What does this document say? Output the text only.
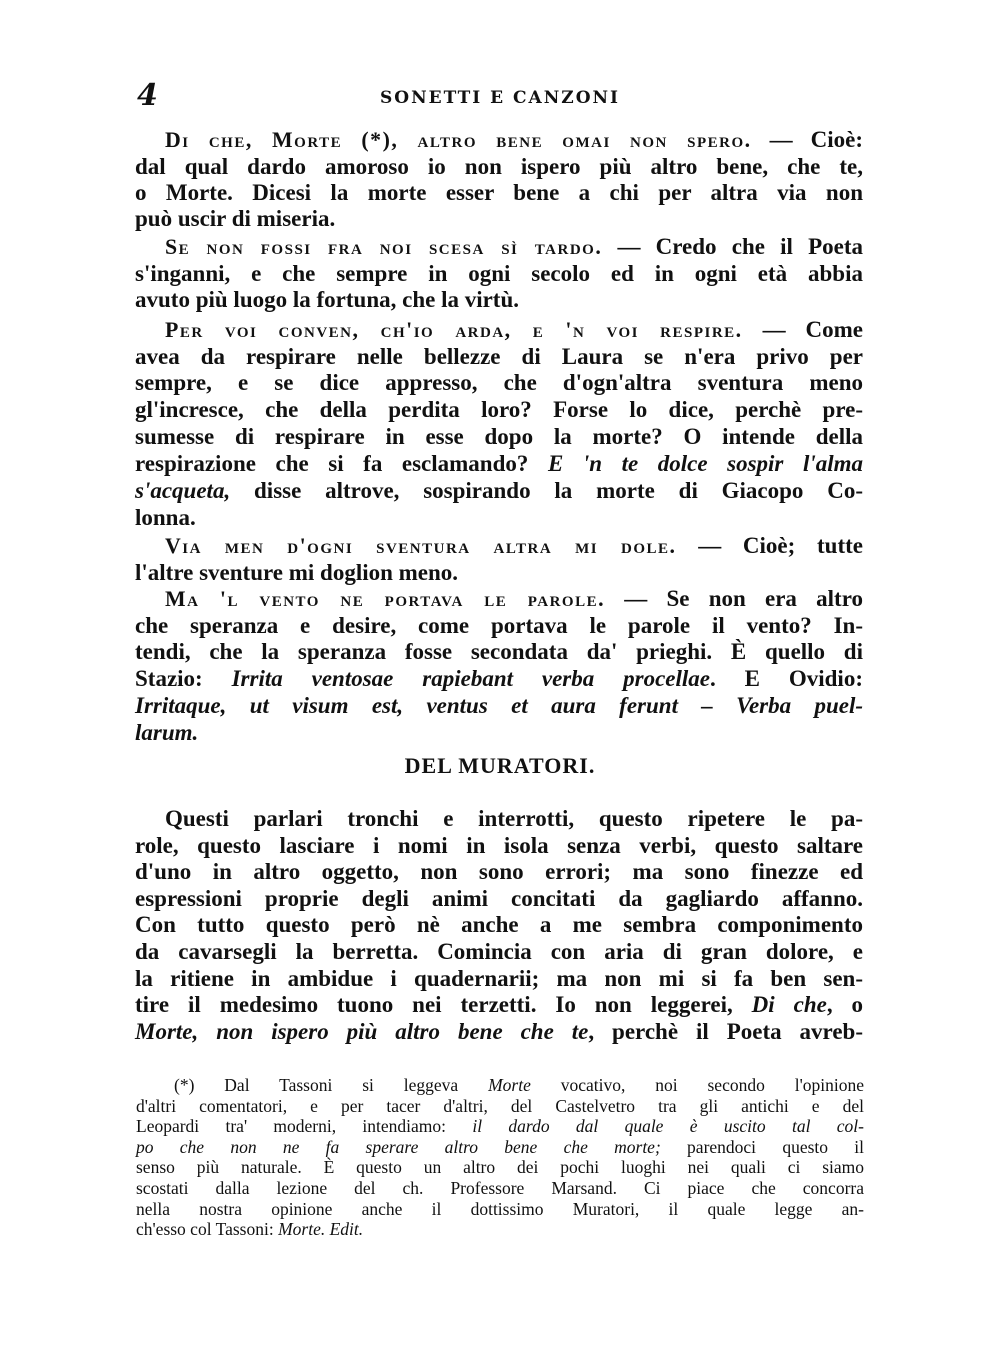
4	SONETTI E CANZONI
Di che, Morte (*), altro bene omai non spero. — Cioè:
dal qual dardo amoroso io non ispero più altro bene, che te,
o Morte. Dicesi la morte esser bene a chi per altra via non
può uscir di miseria.
Se non fossi fra noi scesa sì tardo. — Credo che il Poeta
s'inganni, e che sempre in ogni secolo ed in ogni età abbia
avuto più luogo la fortuna, che la virtù.
Per voi conven, ch'io arda, e 'n voi respire. — Come
avea da respirare nelle bellezze di Laura se n'era privo per
sempre, e se dice appresso, che d'ogn'altra sventura meno
gl'increscе, che della perdita loro? Forse lo dice, perchè pre-
sumesse di respirare in esse dopo la morte? O intende della
respirazione che si fa esclamando? E 'n te dolce sospir l'alma
s'acqueta, disse altrove, sospirando la morte di Giacopo Co-
lonna.
Via men d'ogni sventura altra mi dole. — Cioè; tutte
l'altre sventure mi doglion meno.
Ma 'l vento ne portava le parole. — Se non era altro
che speranza e desire, come portava le parole il vento? In-
tendi, che la speranza fosse secondata da' prieghi. È quello di
Stazio: Irrita ventosae rapiebant verba procellae. E Ovidio:
Irritaque, ut visum est, ventus et aura ferunt – Verba puel-
larum.
DEL MURATORI.
Questi parlari tronchi e interrotti, questo ripetere le pa-
role, questo lasciare i nomi in isola senza verbi, questo saltare
d'uno in altro oggetto, non sono errori; ma sono finezze ed
espressioni proprie degli animi concitati da gagliardo affanno.
Con tutto questo però nè anche a me sembra componimento
da cavarsegli la berretta. Comincia con aria di gran dolore, e
la ritiene in ambidue i quadernarii; ma non mi si fa ben sen-
tire il medesimo tuono nei terzetti. Io non leggerei, Di che, o
Morte, non ispero più altro bene che te, perchè il Poeta avreb-
(*) Dal Tassoni si leggeva Morte vocativo, noi secondo l'opinione
d'altri comentatori, e per tacer d'altri, del Castelvetro tra gli antichi e del
Leopardi tra' moderni, intendiamo: il dardo dal quale è uscito tal col-
po che non ne fa sperare altro bene che morte; parendoci questo il
senso più naturale. È questo un altro dei pochi luoghi nei quali ci siamo
scostati dalla lezione del ch. Professore Marsand. Ci piace che concorra
nella nostra opinione anche il dottissimo Muratori, il quale legge an-
ch'esso col Tassoni: Morte. Edit.
